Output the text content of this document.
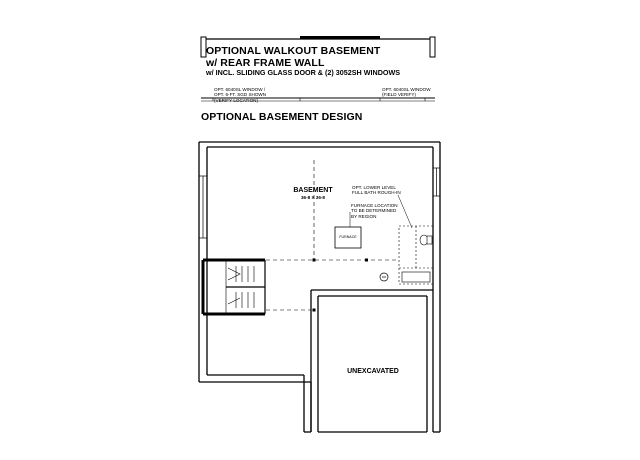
OPTIONAL WALKOUT BASEMENT
w/ REAR FRAME WALL
w/ INCL. SLIDING GLASS DOOR & (2) 3052SH WINDOWS
OPT. 6040SL WINDOW /
OPT. 6-FT. SGD SHOWN
(VERIFY LOCATION)
OPT. 6040SL WINDOW
(FIELD VERIFY)
OPTIONAL BASEMENT DESIGN
BASEMENT
36-8 X 36-8
OPT. LOWER LEVEL
FULL BATH ROUGH-IN
FURNACE LOCATION
TO BE DETERMINED
BY REGION
FURNACE
UNEXCAVATED
